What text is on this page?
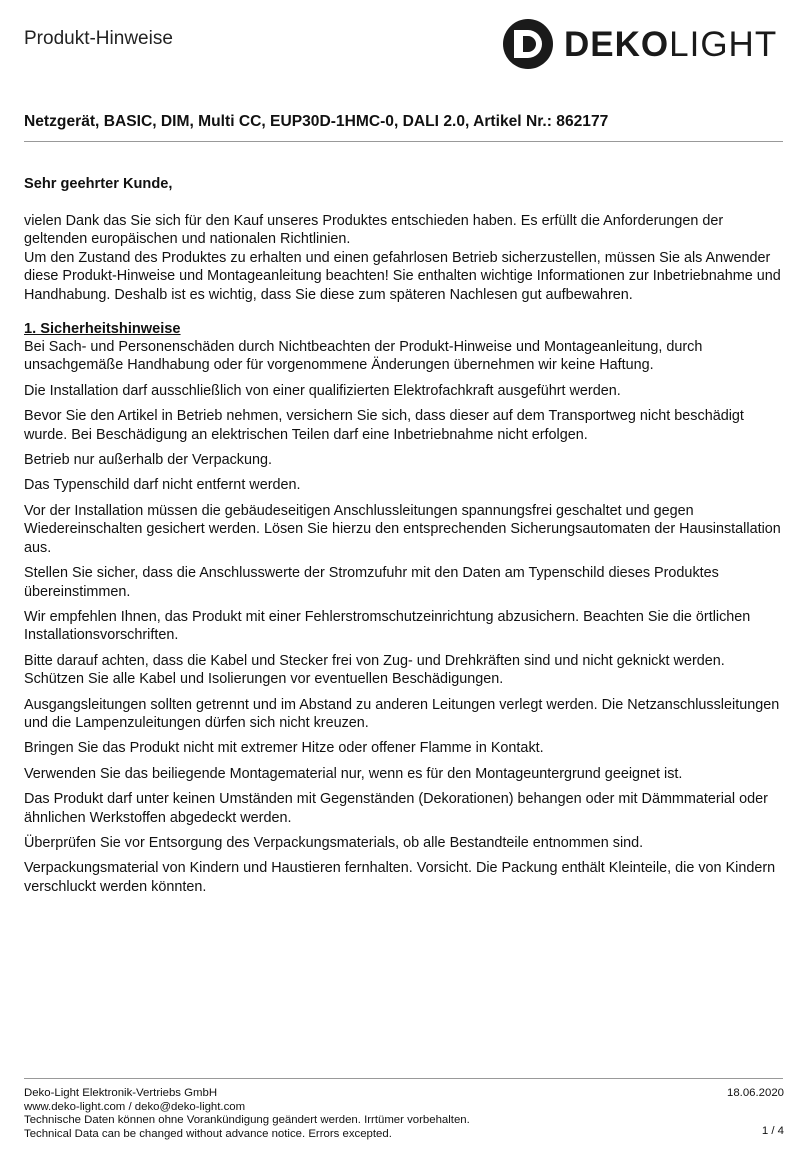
Produkt-Hinweise	DEKOLIGHT
Netzgerät, BASIC, DIM, Multi CC, EUP30D-1HMC-0, DALI 2.0, Artikel Nr.: 862177
Sehr geehrter Kunde,

vielen Dank das Sie sich für den Kauf unseres Produktes entschieden haben. Es erfüllt die Anforderungen der geltenden europäischen und nationalen Richtlinien.

Um den Zustand des Produktes zu erhalten und einen gefahrlosen Betrieb sicherzustellen, müssen Sie als Anwender diese Produkt-Hinweise und Montageanleitung beachten! Sie enthalten wichtige Informationen zur Inbetriebnahme und Handhabung. Deshalb ist es wichtig, dass Sie diese zum späteren Nachlesen gut aufbewahren.

1. Sicherheitshinweise

Bei Sach- und Personenschäden durch Nichtbeachten der Produkt-Hinweise und Montageanleitung, durch unsachgemäße Handhabung oder für vorgenommene Änderungen übernehmen wir keine Haftung.

Die Installation darf ausschließlich von einer qualifizierten Elektrofachkraft ausgeführt werden.

Bevor Sie den Artikel in Betrieb nehmen, versichern Sie sich, dass dieser auf dem Transportweg nicht beschädigt wurde. Bei Beschädigung an elektrischen Teilen darf eine Inbetriebnahme nicht erfolgen.

Betrieb nur außerhalb der Verpackung.

Das Typenschild darf nicht entfernt werden.

Vor der Installation müssen die gebäudeseitigen Anschlussleitungen spannungsfrei geschaltet und gegen Wiedereinschalten gesichert werden. Lösen Sie hierzu den entsprechenden Sicherungsautomaten der Hausinstallation aus.

Stellen Sie sicher, dass die Anschlusswerte der Stromzufuhr mit den Daten am Typenschild dieses Produktes übereinstimmen.

Wir empfehlen Ihnen, das Produkt mit einer Fehlerstromschutzeinrichtung abzusichern. Beachten Sie die örtlichen Installationsvorschriften.

Bitte darauf achten, dass die Kabel und Stecker frei von Zug- und Drehkräften sind und nicht geknickt werden. Schützen Sie alle Kabel und Isolierungen vor eventuellen Beschädigungen.

Ausgangsleitungen sollten getrennt und im Abstand zu anderen Leitungen verlegt werden. Die Netzanschlussleitungen und die Lampenzuleitungen dürfen sich nicht kreuzen.

Bringen Sie das Produkt nicht mit extremer Hitze oder offener Flamme in Kontakt.

Verwenden Sie das beiliegende Montagematerial nur, wenn es für den Montageuntergrund geeignet ist.

Das Produkt darf unter keinen Umständen mit Gegenständen (Dekorationen) behangen oder mit Dämmmaterial oder ähnlichen Werkstoffen abgedeckt werden.

Überprüfen Sie vor Entsorgung des Verpackungsmaterials, ob alle Bestandteile entnommen sind.

Verpackungsmaterial von Kindern und Haustieren fernhalten. Vorsicht. Die Packung enthält Kleinteile, die von Kindern verschluckt werden könnten.

Deko-Light Elektronik-Vertriebs GmbH
www.deko-light.com / deko@deko-light.com
Technische Daten können ohne Vorankündigung geändert werden. Irrtümer vorbehalten.
Technical Data can be changed without advance notice. Errors excepted.
18.06.2020
1 / 4
